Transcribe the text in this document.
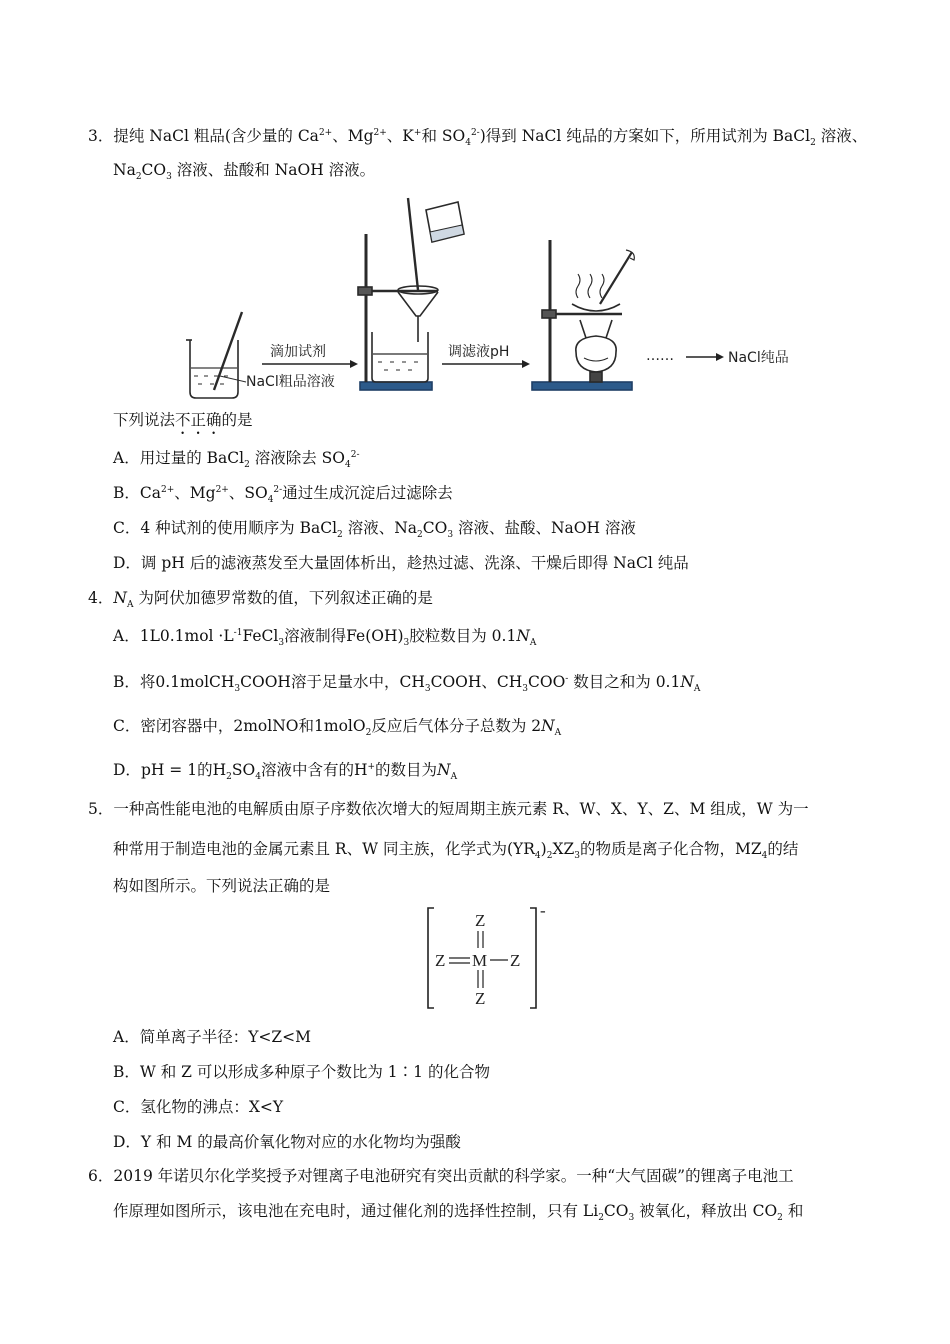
3．提纯 NaCl 粗品(含少量的 $Ca^{2+}$、$Mg^{2+}$、K+和 $SO_4^{2-}$)得到 NaCl 纯品的方案如下，所用试剂为 BaCl$_2$ 溶液、
$Na_2CO_3$ 溶液、盐酸和 NaOH 溶液。
NaCl粗品溶液
滴加试剂	调滤液pH	……	NaCl纯品
下列说法不正确的是
A．用过量的 BaCl$_2$ 溶液除去 $SO_4^{2-}$
B．$Ca^{2+}$、$Mg^{2+}$、$SO_4^{2-}$通过生成沉淀后过滤除去
C．4 种试剂的使用顺序为 BaCl$_2$ 溶液、$Na_2CO_3$ 溶液、盐酸、NaOH 溶液
D．调 pH 后的滤液蒸发至大量固体析出，趁热过滤、洗涤、干燥后即得 NaCl 纯品
4．$N_A$ 为阿伏加德罗常数的值，下列叙述正确的是
A．$1L0.1mol \cdot L^{-1}FeCl_3$溶液制得$Fe(OH)_3$胶粒数目为 $0.1N_A$
B．将0.1molCH$_3$COOH溶于足量水中，$CH_3COOH$、$CH_3COO^-$ 数目之和为 $0.1N_A$
C．密闭容器中，2molNO和1molO$_2$反应后气体分子总数为 $2N_A$
D．pH = 1的$H_2SO_4$溶液中含有的H+的数目为$N_A$
5．一种高性能电池的电解质由原子序数依次增大的短周期主族元素 R、W、X、Y、Z、M 组成，W 为一
种常用于制造电池的金属元素且 R、W 同主族，化学式为$(YR_4)_2XZ_3$的物质是离子化合物，$MZ_4$的结
构如图所示。下列说法正确的是
-
Z
Z M Z
Z
A．简单离子半径：Y<Z<M
B．W 和 Z 可以形成多种原子个数比为 1∶1 的化合物
C．氢化物的沸点：X<Y
D．Y 和 M 的最高价氧化物对应的水化物均为强酸
6．2019 年诺贝尔化学奖授予对锂离子电池研究有突出贡献的科学家。一种“大气固碳”的锂离子电池工
作原理如图所示，该电池在充电时，通过催化剂的选择性控制，只有 $Li_2CO_3$ 被氧化，释放出 $CO_2$ 和
